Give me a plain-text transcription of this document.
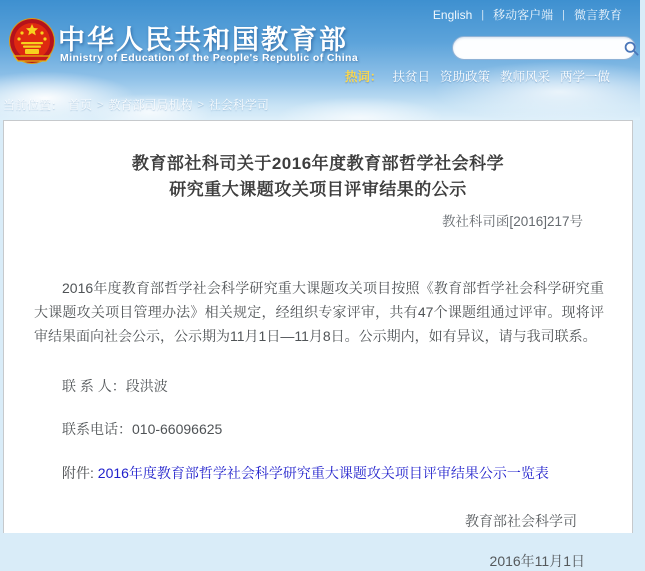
中华人民共和国教育部
Ministry of Education of the People's Republic of China
English | 移动客户端 | 微言教育
热词： 扶贫日 资助政策 教师风采 两学一做
当前位置： 首页 > 教育部司局机构 > 社会科学司
教育部社科司关于2016年度教育部哲学社会科学
研究重大课题攻关项目评审结果的公示
教社科司函[2016]217号

2016年度教育部哲学社会科学研究重大课题攻关项目按照《教育部哲学社会科学研究重大课题攻关项目管理办法》相关规定，经组织专家评审，共有47个课题组通过评审。现将评审结果面向社会公示，公示期为11月1日—11月8日。公示期内，如有异议，请与我司联系。

联 系 人：段洪波

联系电话：010-66096625

附件: 2016年度教育部哲学社会科学研究重大课题攻关项目评审结果公示一览表

教育部社会科学司
2016年11月1日
